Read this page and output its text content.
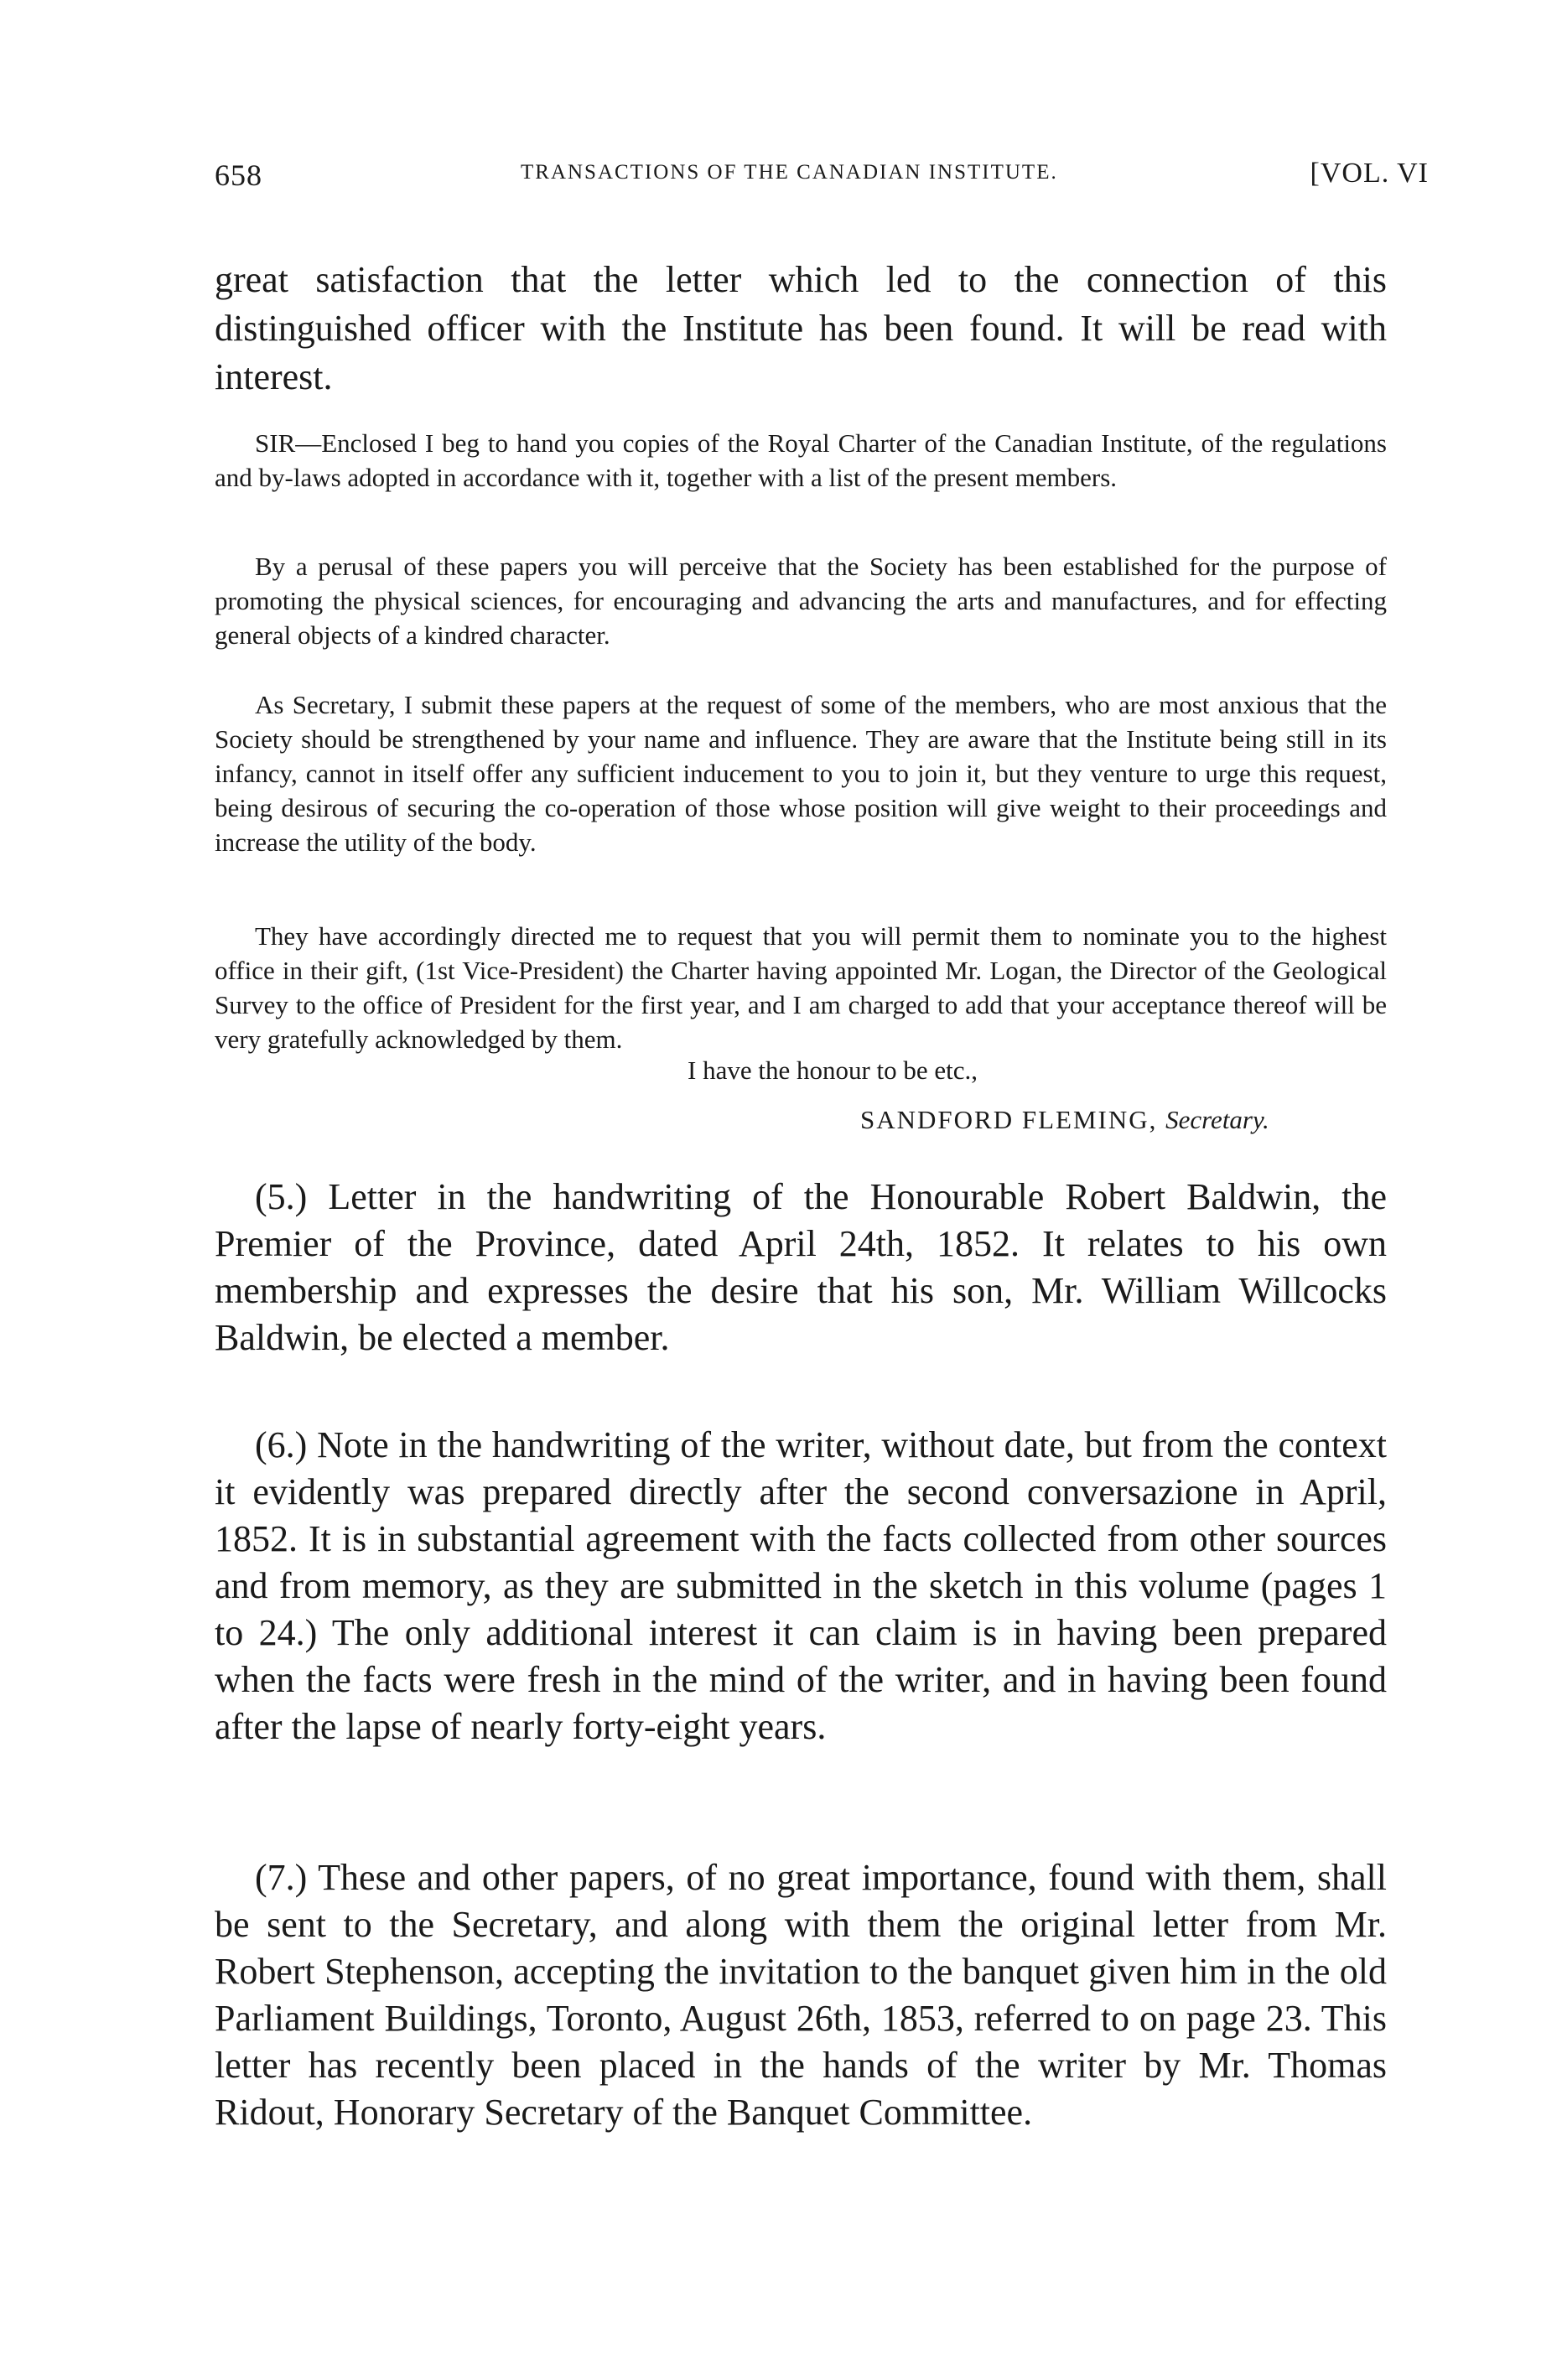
658	TRANSACTIONS OF THE CANADIAN INSTITUTE.	[VOL. VI

great satisfaction that the letter which led to the connection of this distinguished officer with the Institute has been found. It will be read with interest.

SIR—Enclosed I beg to hand you copies of the Royal Charter of the Canadian Institute, of the regulations and by-laws adopted in accordance with it, together with a list of the present members.

By a perusal of these papers you will perceive that the Society has been established for the purpose of promoting the physical sciences, for encouraging and advancing the arts and manufactures, and for effecting general objects of a kindred character.

As Secretary, I submit these papers at the request of some of the members, who are most anxious that the Society should be strengthened by your name and influence. They are aware that the Institute being still in its infancy, cannot in itself offer any sufficient inducement to you to join it, but they venture to urge this request, being desirous of securing the co-operation of those whose position will give weight to their proceedings and increase the utility of the body.

They have accordingly directed me to request that you will permit them to nominate you to the highest office in their gift, (1st Vice-President) the Charter having appointed Mr. Logan, the Director of the Geological Survey to the office of President for the first year, and I am charged to add that your acceptance thereof will be very gratefully acknowledged by them.

I have the honour to be etc.,
SANDFORD FLEMING, Secretary.

(5.) Letter in the handwriting of the Honourable Robert Baldwin, the Premier of the Province, dated April 24th, 1852. It relates to his own membership and expresses the desire that his son, Mr. William Willcocks Baldwin, be elected a member.

(6.) Note in the handwriting of the writer, without date, but from the context it evidently was prepared directly after the second conversazione in April, 1852. It is in substantial agreement with the facts collected from other sources and from memory, as they are submitted in the sketch in this volume (pages 1 to 24.) The only additional interest it can claim is in having been prepared when the facts were fresh in the mind of the writer, and in having been found after the lapse of nearly forty-eight years.

(7.) These and other papers, of no great importance, found with them, shall be sent to the Secretary, and along with them the original letter from Mr. Robert Stephenson, accepting the invitation to the banquet given him in the old Parliament Buildings, Toronto, August 26th, 1853, referred to on page 23. This letter has recently been placed in the hands of the writer by Mr. Thomas Ridout, Honorary Secretary of the Banquet Committee.
